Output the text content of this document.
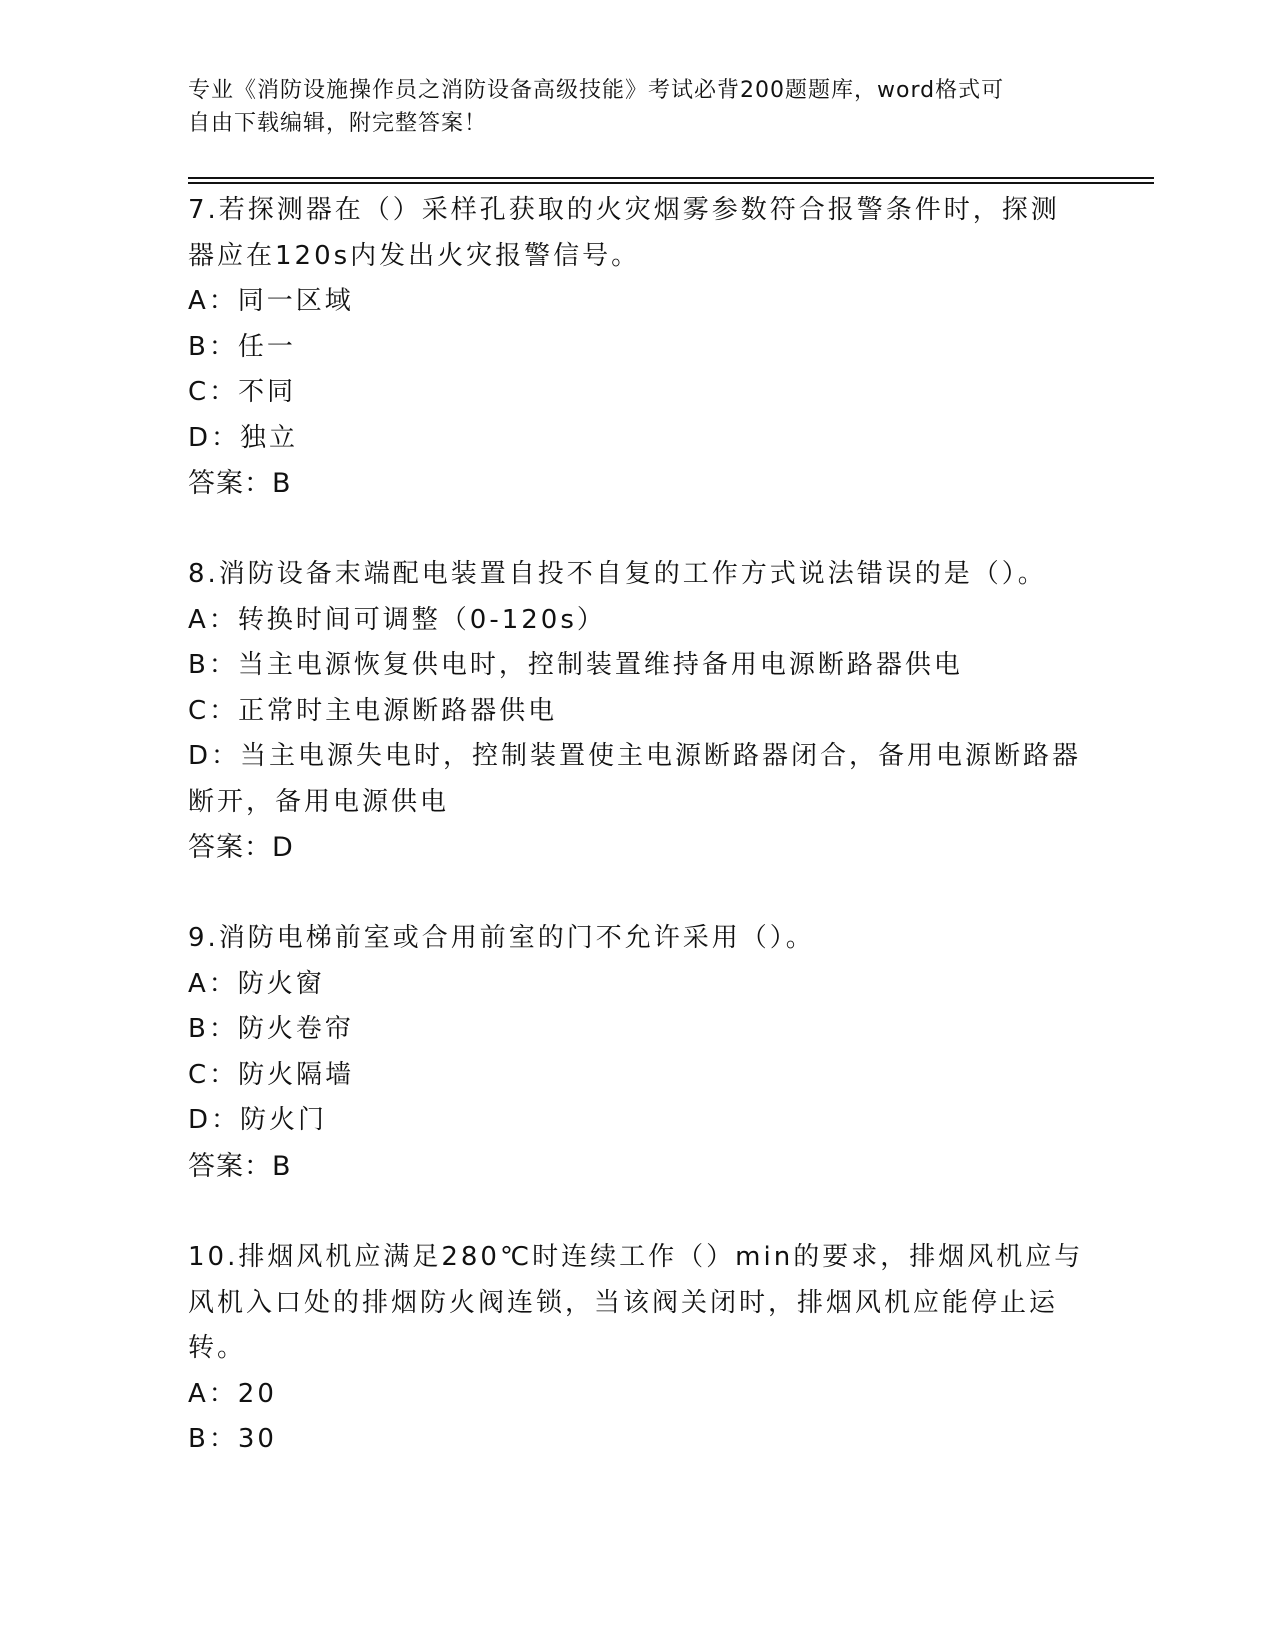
专业《消防设施操作员之消防设备高级技能》考试必背200题题库，word格式可
自由下载编辑，附完整答案！
7.若探测器在（）采样孔获取的火灾烟雾参数符合报警条件时，探测
器应在120s内发出火灾报警信号。
A：同一区域
B：任一
C：不同
D：独立
答案：B
8.消防设备末端配电装置自投不自复的工作方式说法错误的是（）。
A：转换时间可调整（0-120s）
B：当主电源恢复供电时，控制装置维持备用电源断路器供电
C：正常时主电源断路器供电
D：当主电源失电时，控制装置使主电源断路器闭合，备用电源断路器
断开，备用电源供电
答案：D
9.消防电梯前室或合用前室的门不允许采用（）。
A：防火窗
B：防火卷帘
C：防火隔墙
D：防火门
答案：B
10.排烟风机应满足280℃时连续工作（）min的要求，排烟风机应与
风机入口处的排烟防火阀连锁，当该阀关闭时，排烟风机应能停止运
转。
A：20
B：30
